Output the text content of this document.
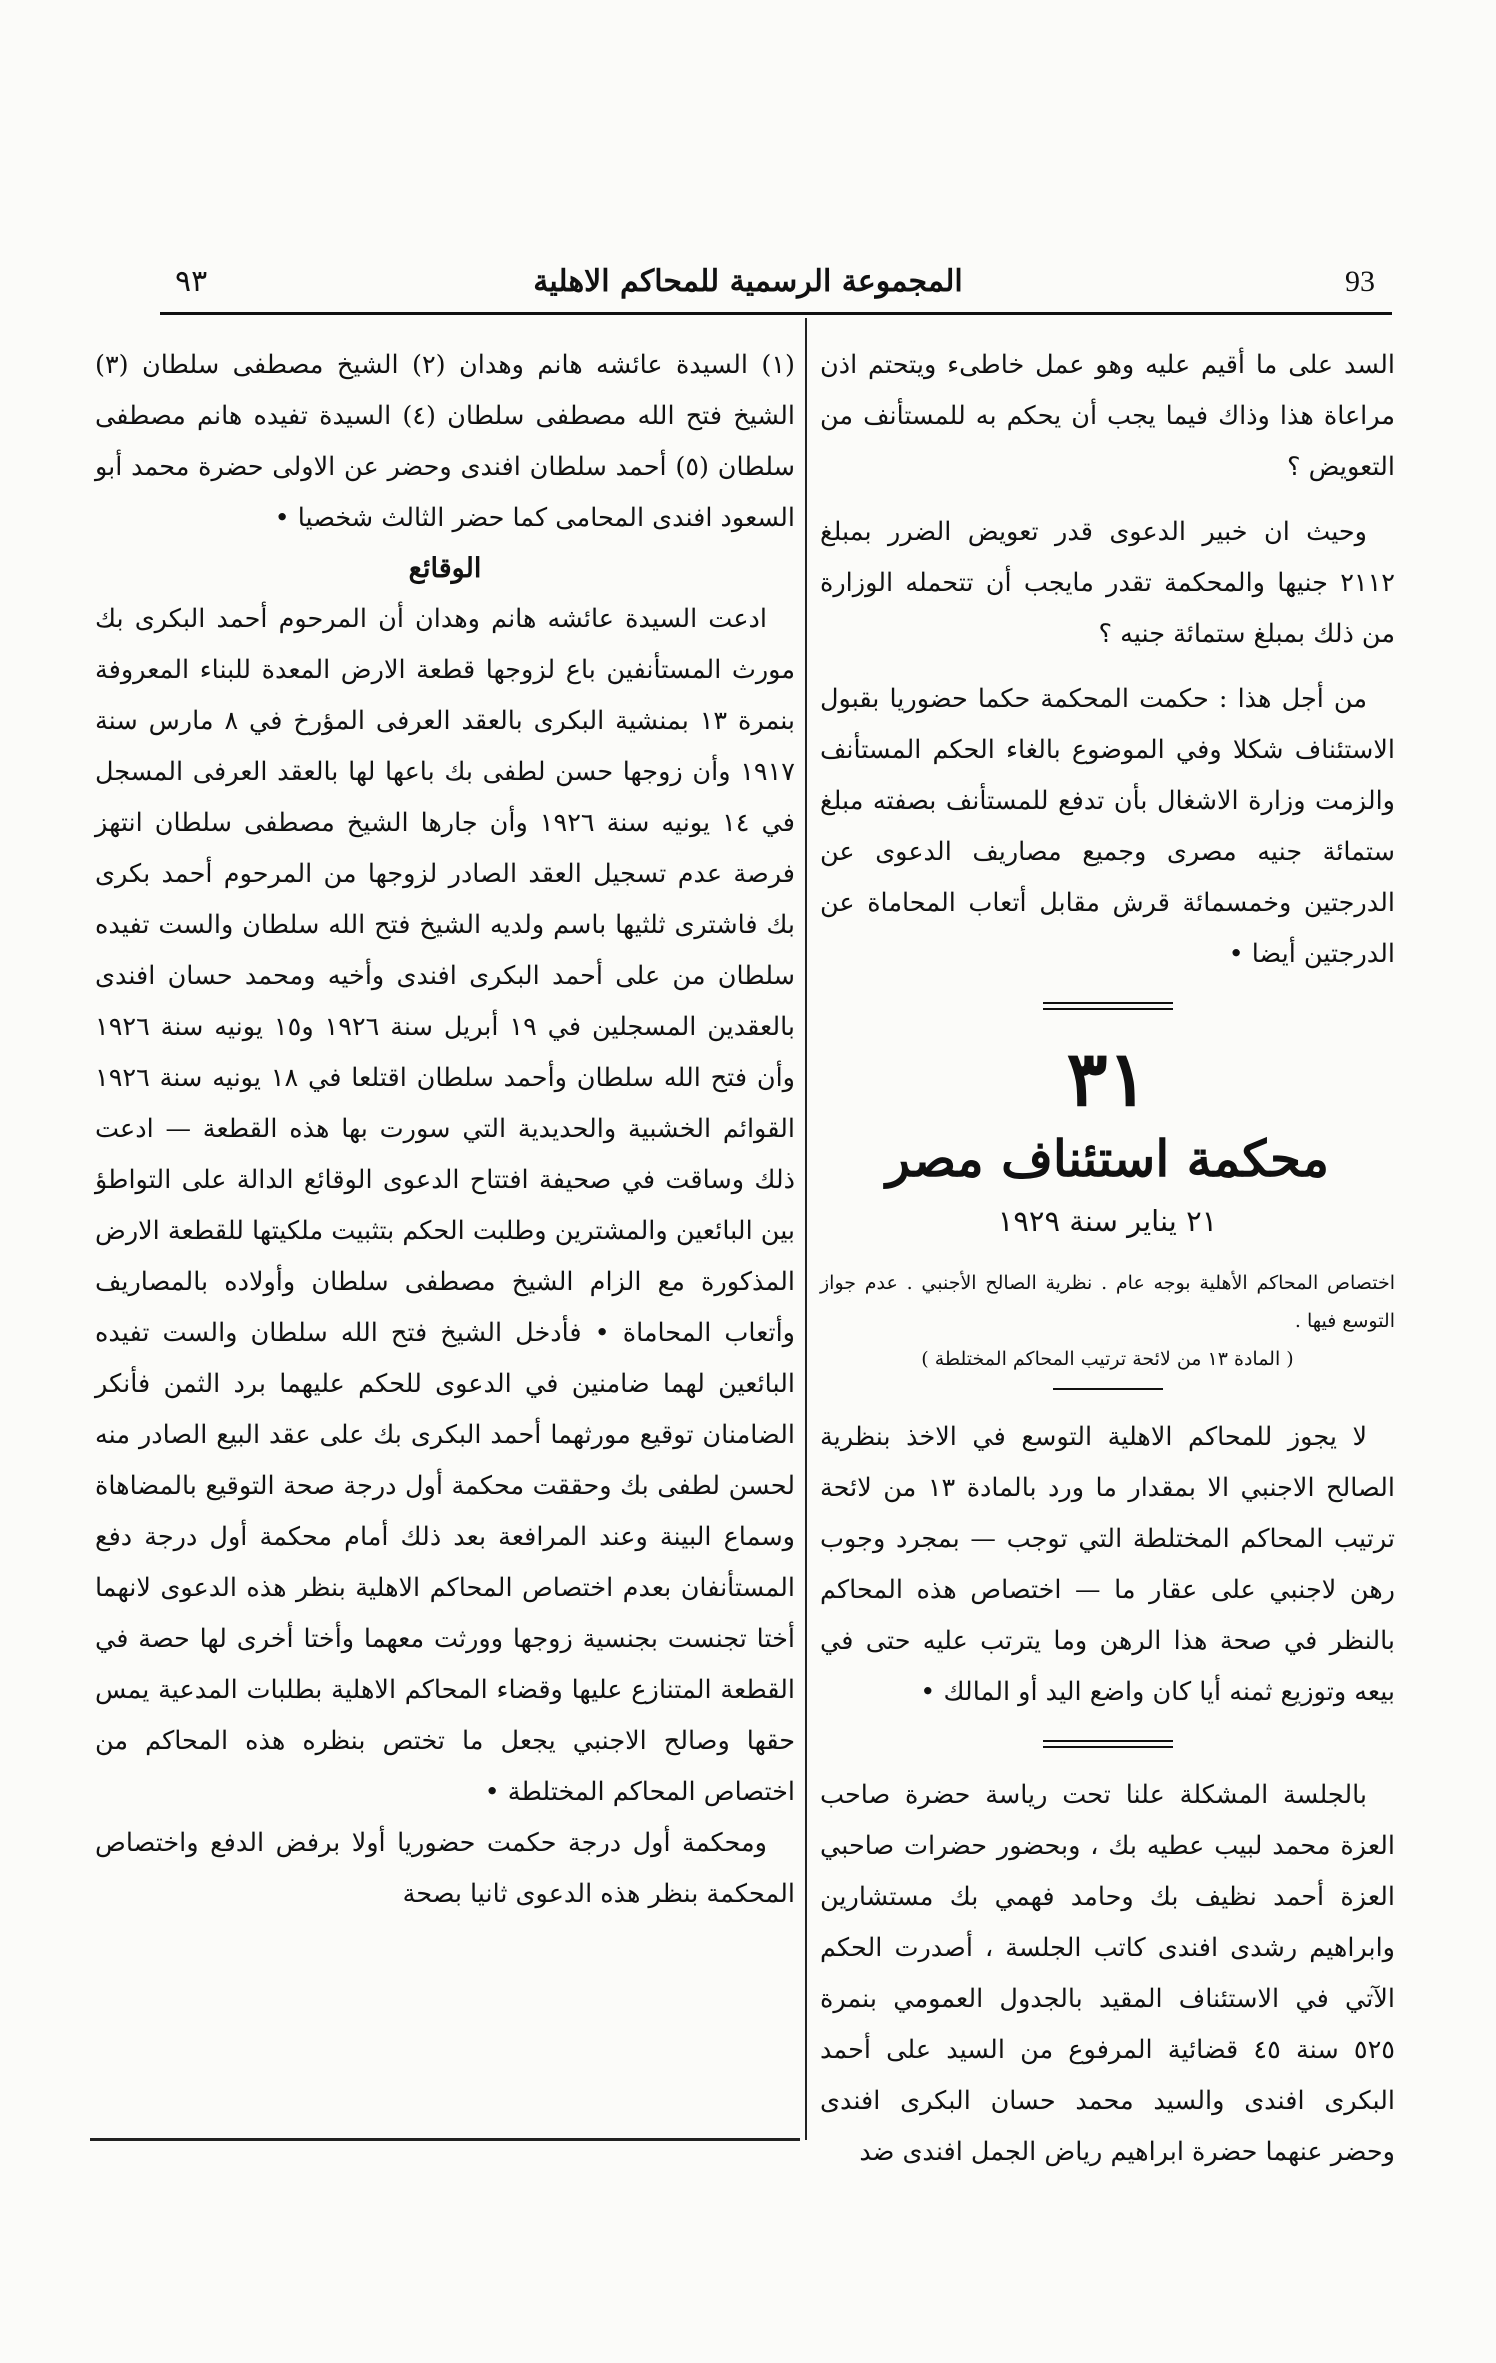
93
المجموعة الرسمية للمحاكم الاهلية
٩٣

السد على ما أقيم عليه وهو عمل خاطىء ويتحتم اذن مراعاة هذا وذاك فيما يجب أن يحكم به للمستأنف من التعويض ؟

وحيث ان خبير الدعوى قدر تعويض الضرر بمبلغ ٢١١٢ جنيها والمحكمة تقدر مايجب أن تتحمله الوزارة من ذلك بمبلغ ستمائة جنيه ؟

من أجل هذا : حكمت المحكمة حكما حضوريا بقبول الاستئناف شكلا وفي الموضوع بالغاء الحكم المستأنف والزمت وزارة الاشغال بأن تدفع للمستأنف بصفته مبلغ ستمائة جنيه مصرى وجميع مصاريف الدعوى عن الدرجتين وخمسمائة قرش مقابل أتعاب المحاماة عن الدرجتين أيضا •

٣١
محكمة استئناف مصر
٢١ يناير سنة ١٩٢٩

اختصاص المحاكم الأهلية بوجه عام . نظرية الصالح الأجنبي . عدم جواز التوسع فيها .

( المادة ١٣ من لائحة ترتيب المحاكم المختلطة )

لا يجوز للمحاكم الاهلية التوسع في الاخذ بنظرية الصالح الاجنبي الا بمقدار ما ورد بالمادة ١٣ من لائحة ترتيب المحاكم المختلطة التي توجب — بمجرد وجوب رهن لاجنبي على عقار ما — اختصاص هذه المحاكم بالنظر في صحة هذا الرهن وما يترتب عليه حتى في بيعه وتوزيع ثمنه أيا كان واضع اليد أو المالك •

بالجلسة المشكلة علنا تحت رياسة حضرة صاحب العزة محمد لبيب عطيه بك ، وبحضور حضرات صاحبي العزة أحمد نظيف بك وحامد فهمي بك مستشارين وابراهيم رشدى افندى كاتب الجلسة ، أصدرت الحكم الآتي في الاستئناف المقيد بالجدول العمومي بنمرة ٥٢٥ سنة ٤٥ قضائية المرفوع من السيد على أحمد البكرى افندى والسيد محمد حسان البكرى افندى وحضر عنهما حضرة ابراهيم رياض الجمل افندى ضد

(١) السيدة عائشه هانم وهدان (٢) الشيخ مصطفى سلطان (٣) الشيخ فتح الله مصطفى سلطان (٤) السيدة تفيده هانم مصطفى سلطان (٥) أحمد سلطان افندى وحضر عن الاولى حضرة محمد أبو السعود افندى المحامى كما حضر الثالث شخصيا •

الوقائع

ادعت السيدة عائشه هانم وهدان أن المرحوم أحمد البكرى بك مورث المستأنفين باع لزوجها قطعة الارض المعدة للبناء المعروفة بنمرة ١٣ بمنشية البكرى بالعقد العرفى المؤرخ في ٨ مارس سنة ١٩١٧ وأن زوجها حسن لطفى بك باعها لها بالعقد العرفى المسجل في ١٤ يونيه سنة ١٩٢٦ وأن جارها الشيخ مصطفى سلطان انتهز فرصة عدم تسجيل العقد الصادر لزوجها من المرحوم أحمد بكرى بك فاشترى ثلثيها باسم ولديه الشيخ فتح الله سلطان والست تفيده سلطان من على أحمد البكرى افندى وأخيه ومحمد حسان افندى بالعقدين المسجلين في ١٩ أبريل سنة ١٩٢٦ و١٥ يونيه سنة ١٩٢٦ وأن فتح الله سلطان وأحمد سلطان اقتلعا في ١٨ يونيه سنة ١٩٢٦ القوائم الخشبية والحديدية التي سورت بها هذه القطعة — ادعت ذلك وساقت في صحيفة افتتاح الدعوى الوقائع الدالة على التواطؤ بين البائعين والمشترين وطلبت الحكم بتثبيت ملكيتها للقطعة الارض المذكورة مع الزام الشيخ مصطفى سلطان وأولاده بالمصاريف وأتعاب المحاماة • فأدخل الشيخ فتح الله سلطان والست تفيده البائعين لهما ضامنين في الدعوى للحكم عليهما برد الثمن فأنكر الضامنان توقيع مورثهما أحمد البكرى بك على عقد البيع الصادر منه لحسن لطفى بك وحققت محكمة أول درجة صحة التوقيع بالمضاهاة وسماع البينة وعند المرافعة بعد ذلك أمام محكمة أول درجة دفع المستأنفان بعدم اختصاص المحاكم الاهلية بنظر هذه الدعوى لانهما أختا تجنست بجنسية زوجها وورثت معهما وأختا أخرى لها حصة في القطعة المتنازع عليها وقضاء المحاكم الاهلية بطلبات المدعية يمس حقها وصالح الاجنبي يجعل ما تختص بنظره هذه المحاكم من اختصاص المحاكم المختلطة •

ومحكمة أول درجة حكمت حضوريا أولا برفض الدفع واختصاص المحكمة بنظر هذه الدعوى ثانيا بصحة
